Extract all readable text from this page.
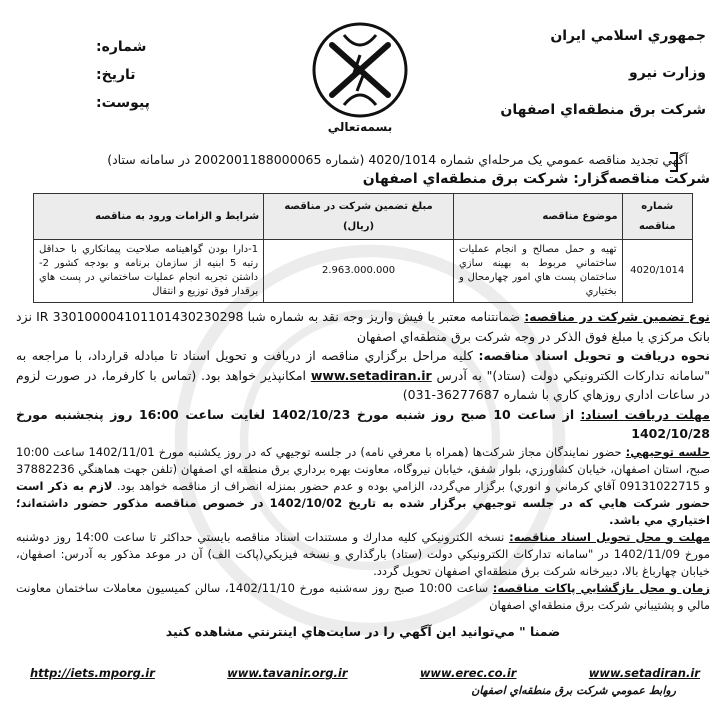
جمهوري اسلامي ايران
وزارت نيرو
شركت برق منطقه‌اي اصفهان
شماره:
تاريخ:
پيوست:
بسمه‌تعالي

آگهي تجديد مناقصه عمومي يک مرحله‌اي شماره 4020/1014 (شماره 2002001188000065 در سامانه ستاد)

شركت مناقصه‌گزار: شركت برق منطقه‌اي اصفهان

شماره مناقصه	موضوع مناقصه	مبلغ تضمين شركت در مناقصه (ريال)	شرايط و الزامات ورود به مناقصه
4020/1014	تهيه و حمل مصالح و انجام عمليات ساختماني مربوط به بهينه سازي ساختمان پست هاي امور چهارمحال و بختياري	2.963.000.000	1-دارا بودن گواهينامه صلاحيت پيمانكاري با حداقل رتبه 5 ابنيه از سازمان برنامه و بودجه كشور 2-داشتن تجربه انجام عمليات ساختماني در پست هاي برقدار فوق توزيع و انتقال

نوع تضمين شركت در مناقصه: ضمانتنامه معتبر يا فيش واريز وجه نقد به شماره شبا IR 330100004101101430230298 نزد بانک مركزي يا مبلغ فوق الذكر در وجه شركت برق منطقه‌اي اصفهان

نحوه دريافت و تحويل اسناد مناقصه: كليه مراحل برگزاري مناقصه از دريافت و تحويل اسناد تا مبادله قرارداد، با مراجعه به "سامانه تداركات الكترونيكي دولت (ستاد)" به آدرس www.setadiran.ir امكانپذير خواهد بود. (تماس با كارفرما، در صورت لزوم در ساعات اداري روزهاي كاري با شماره 36277687-031)

مهلت دريافت اسناد: از ساعت 10 صبح روز شنبه مورخ 1402/10/23 لغايت ساعت 16:00 روز پنجشنبه مورخ 1402/10/28

جلسه توجيهي: حضور نمايندگان مجاز شركت‌ها (همراه با معرفي نامه) در جلسه توجيهي كه در روز يكشنبه مورخ 1402/11/01 ساعت 10:00 صبح، استان اصفهان، خيابان كشاورزي، بلوار شفق، خيابان نيروگاه، معاونت بهره برداري برق منطقه اي اصفهان (تلفن جهت هماهنگي 37882236 و 09131022715 آقاي كرماني و انوري) برگزار مي‌گردد، الزامي بوده و عدم حضور بمنزله انصراف از مناقصه خواهد بود. لازم به ذكر است حضور شركت هايي كه در جلسه توجيهي برگزار شده به تاريخ 1402/10/02 در خصوص مناقصه مذكور حضور داشته‌اند؛ اختياري مي باشد.

مهلت و محل تحويل اسناد مناقصه: نسخه الكترونيكي كليه مدارك و مستندات اسناد مناقصه بايستي حداكثر تا ساعت 14:00 روز دوشنبه مورخ 1402/11/09 در "سامانه تداركات الكترونيكي دولت (ستاد) بارگذاري و نسخه فيزيكي(پاكت الف) آن در موعد مذكور به آدرس: اصفهان، خيابان چهارباغ بالا، دبيرخانه شركت برق منطقه‌اي اصفهان تحويل گردد.

زمان و محل بازگشايي پاكات مناقصه: ساعت 10:00 صبح روز سه‌شنبه مورخ 1402/11/10، سالن كميسيون معاملات ساختمان معاونت مالي و پشتيباني شركت برق منطقه‌اي اصفهان

ضمنا " مي‌توانيد اين آگهي را در سايت‌هاي اينترنتي مشاهده كنيد

http://iets.mporg.ir	www.tavanir.org.ir	www.erec.co.ir	www.setadiran.ir
روابط عمومي شركت برق منطقه‌اي اصفهان
